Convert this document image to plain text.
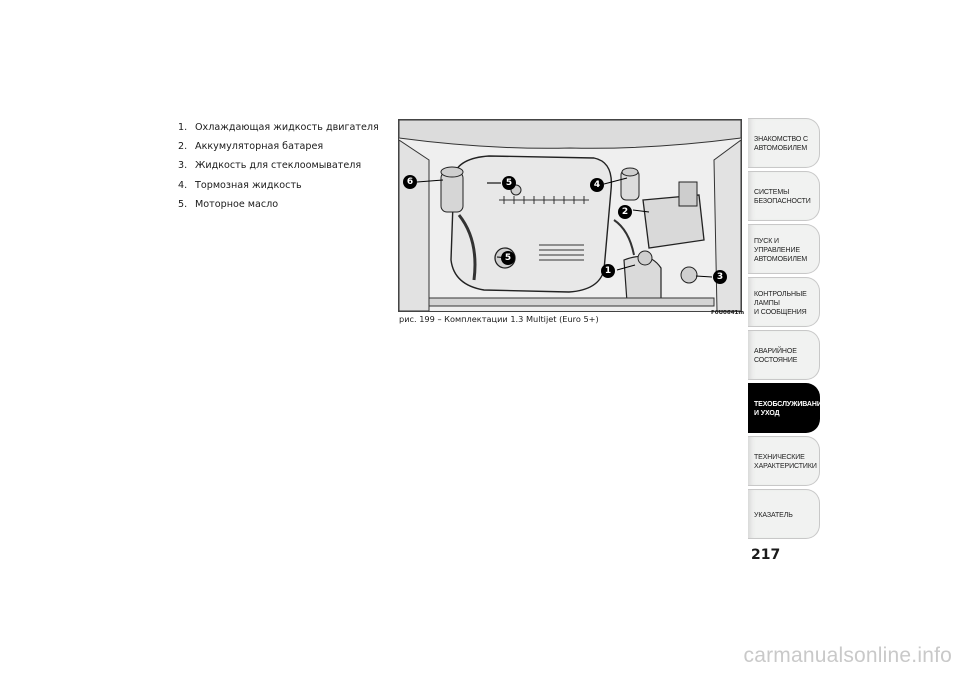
1. Охлаждающая жидкость двигателя
2. Аккумуляторная батарея
3. Жидкость для стеклоомывателя
4. Тормозная жидкость
5. Моторное масло
6	5	4
2
5
1
3
рис. 199 – Комплектации 1.3 Multijet (Euro 5+)
F0U0641m
ЗНАКОМСТВО С
АВТОМОБИЛЕМ
СИСТЕМЫ
БЕЗОПАСНОСТИ
ПУСК И УПРАВЛЕНИЕ
АВТОМОБИЛЕМ
КОНТРОЛЬНЫЕ
ЛАМПЫ
И СООБЩЕНИЯ
АВАРИЙНОЕ
СОСТОЯНИЕ
ТЕХОБСЛУЖИВАНИЕ
И УХОД
ТЕХНИЧЕСКИЕ
ХАРАКТЕРИСТИКИ
УКАЗАТЕЛЬ
217
carmanualsonline.info
